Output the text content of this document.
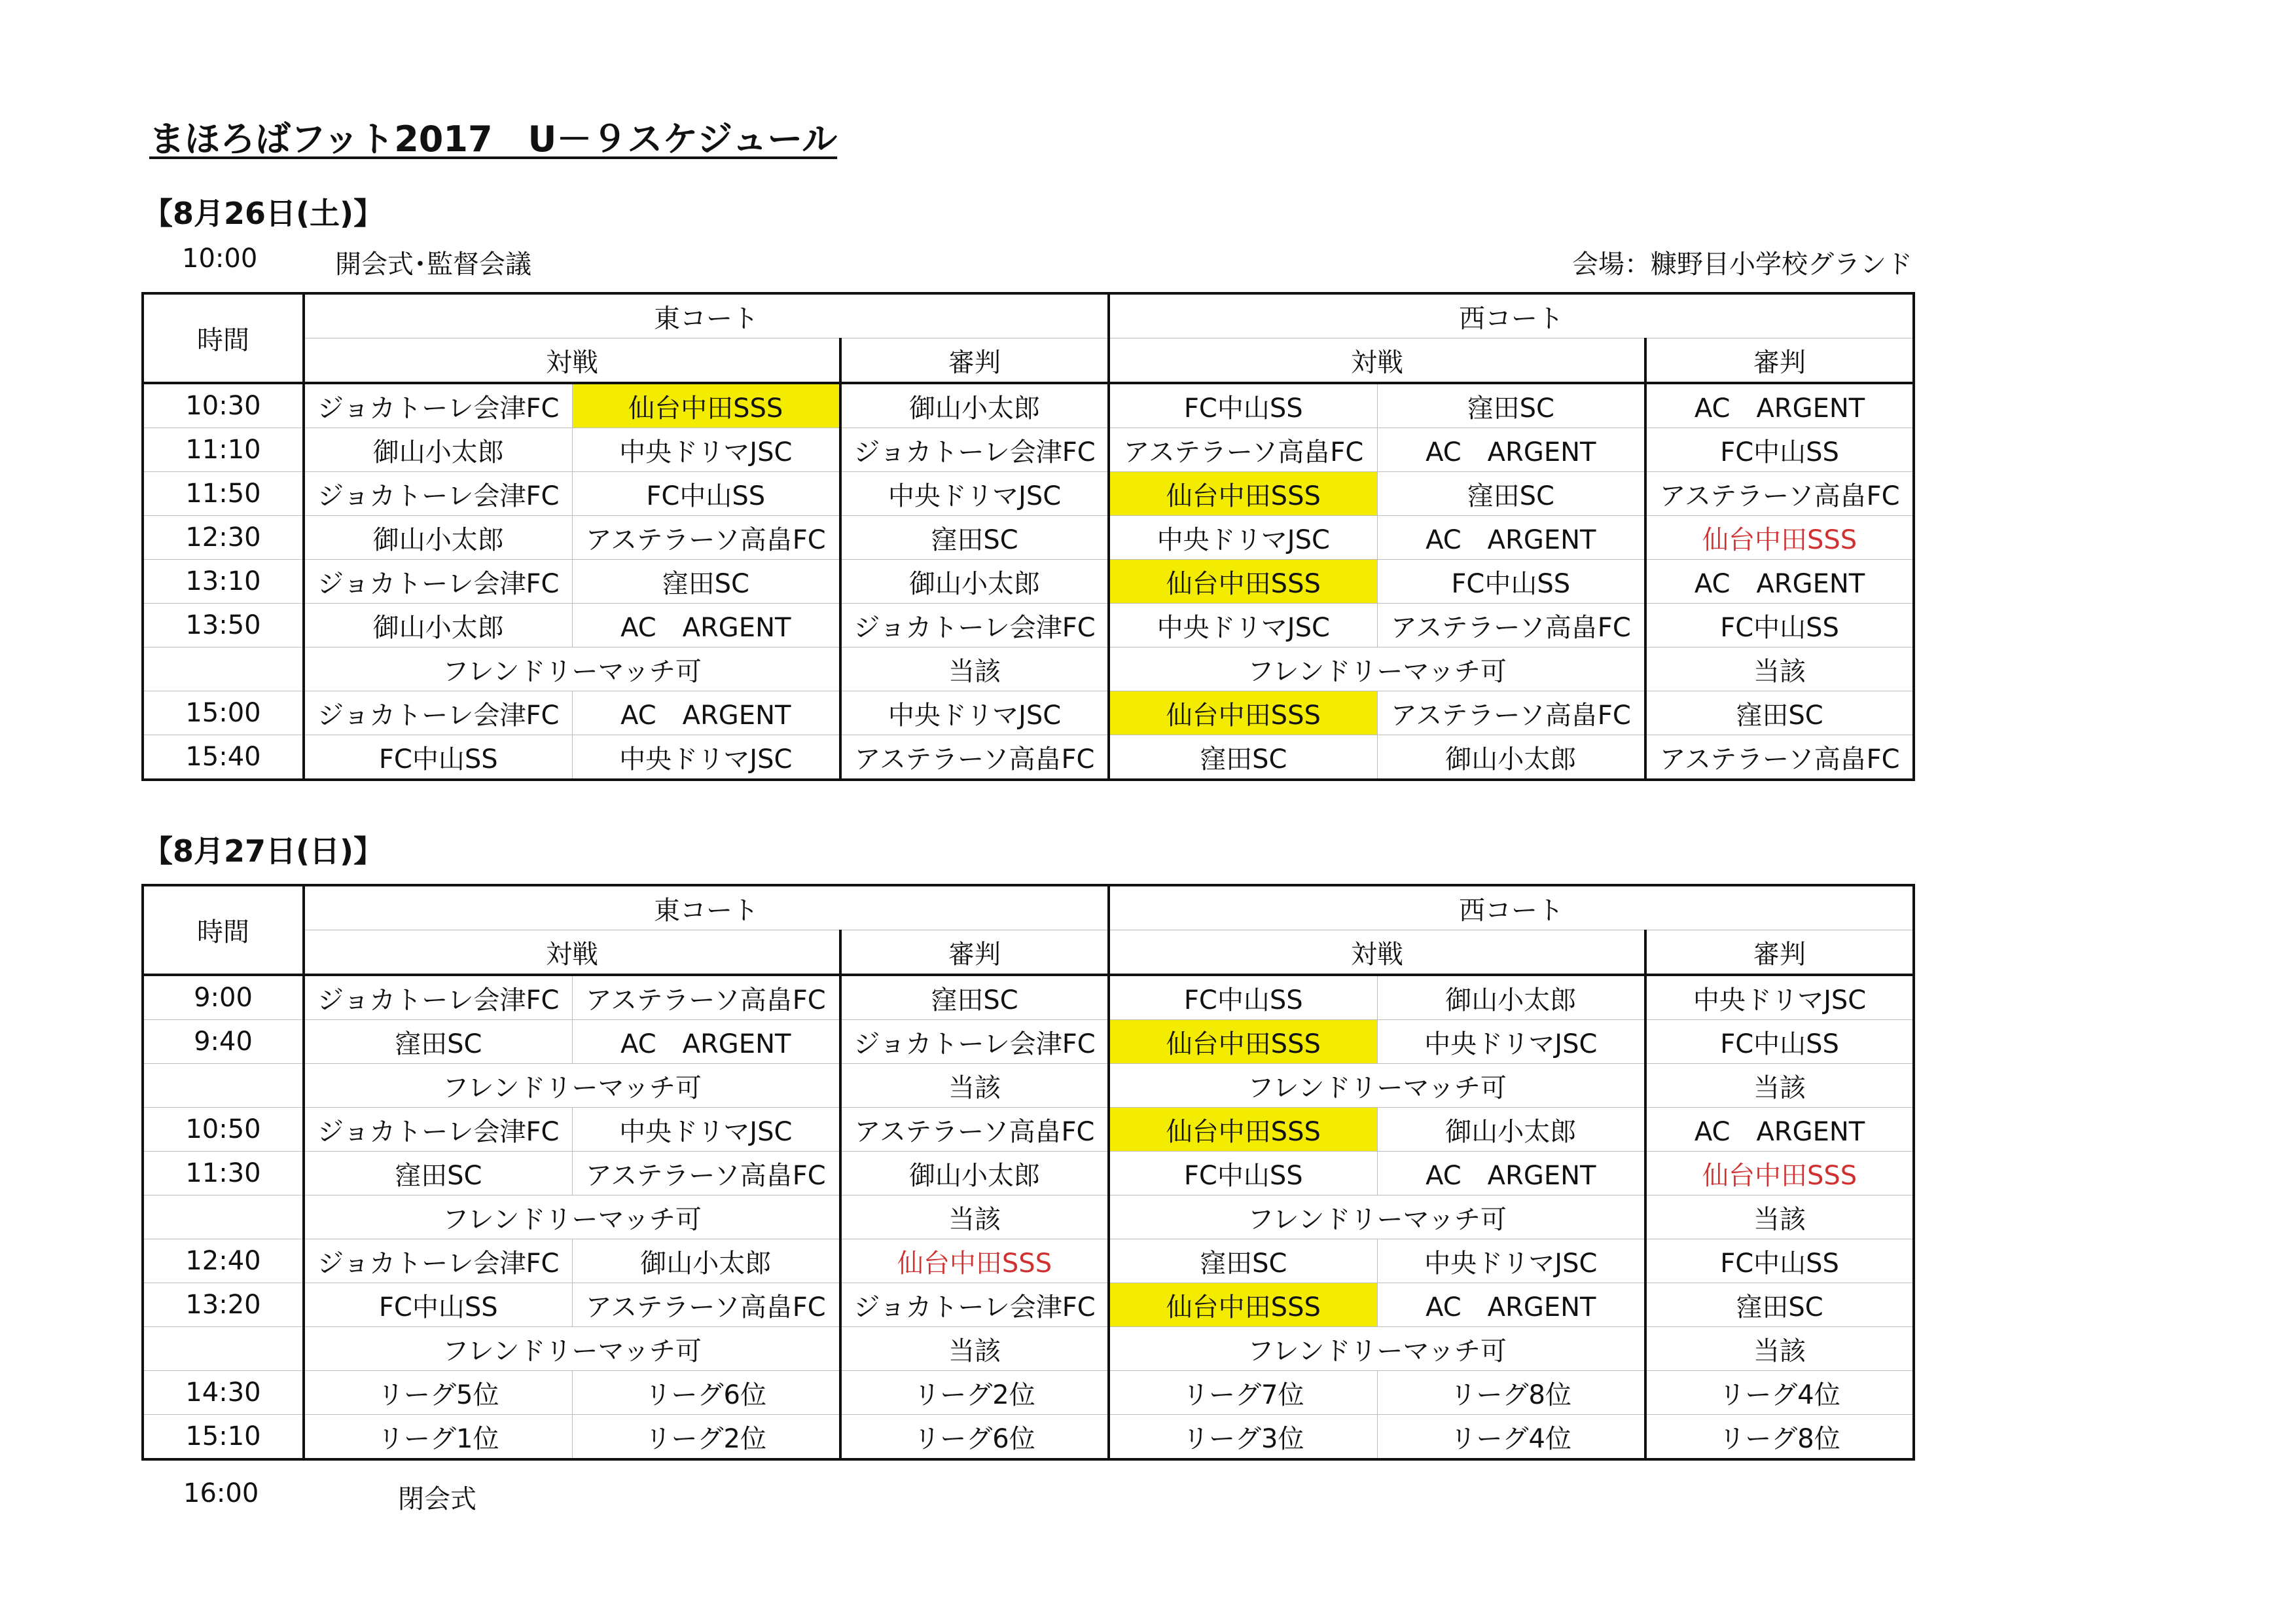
まほろばフット2017　U－９スケジュール
【8月26日(土)】
10:00	開会式･監督会議	会場：糠野目小学校グランド
時間	東コート			西コート		
	対戦		審判	対戦		審判
10:30	ジョカトーレ会津FC	仙台中田SSS	御山小太郎	FC中山SS	窪田SC	AC　ARGENT
11:10	御山小太郎	中央ドリマJSC	ジョカトーレ会津FC	アステラーソ高畠FC	AC　ARGENT	FC中山SS
11:50	ジョカトーレ会津FC	FC中山SS	中央ドリマJSC	仙台中田SSS	窪田SC	アステラーソ高畠FC
12:30	御山小太郎	アステラーソ高畠FC	窪田SC	中央ドリマJSC	AC　ARGENT	仙台中田SSS
13:10	ジョカトーレ会津FC	窪田SC	御山小太郎	仙台中田SSS	FC中山SS	AC　ARGENT
13:50	御山小太郎	AC　ARGENT	ジョカトーレ会津FC	中央ドリマJSC	アステラーソ高畠FC	FC中山SS
	フレンドリーマッチ可		当該	フレンドリーマッチ可		当該
15:00	ジョカトーレ会津FC	AC　ARGENT	中央ドリマJSC	仙台中田SSS	アステラーソ高畠FC	窪田SC
15:40	FC中山SS	中央ドリマJSC	アステラーソ高畠FC	窪田SC	御山小太郎	アステラーソ高畠FC
【8月27日(日)】
時間	東コート			西コート		
	対戦		審判	対戦		審判
9:00	ジョカトーレ会津FC	アステラーソ高畠FC	窪田SC	FC中山SS	御山小太郎	中央ドリマJSC
9:40	窪田SC	AC　ARGENT	ジョカトーレ会津FC	仙台中田SSS	中央ドリマJSC	FC中山SS
	フレンドリーマッチ可		当該	フレンドリーマッチ可		当該
10:50	ジョカトーレ会津FC	中央ドリマJSC	アステラーソ高畠FC	仙台中田SSS	御山小太郎	AC　ARGENT
11:30	窪田SC	アステラーソ高畠FC	御山小太郎	FC中山SS	AC　ARGENT	仙台中田SSS
	フレンドリーマッチ可		当該	フレンドリーマッチ可		当該
12:40	ジョカトーレ会津FC	御山小太郎	仙台中田SSS	窪田SC	中央ドリマJSC	FC中山SS
13:20	FC中山SS	アステラーソ高畠FC	ジョカトーレ会津FC	仙台中田SSS	AC　ARGENT	窪田SC
	フレンドリーマッチ可		当該	フレンドリーマッチ可		当該
14:30	リーグ5位	リーグ6位	リーグ2位	リーグ7位	リーグ8位	リーグ4位
15:10	リーグ1位	リーグ2位	リーグ6位	リーグ3位	リーグ4位	リーグ8位
16:00	閉会式
